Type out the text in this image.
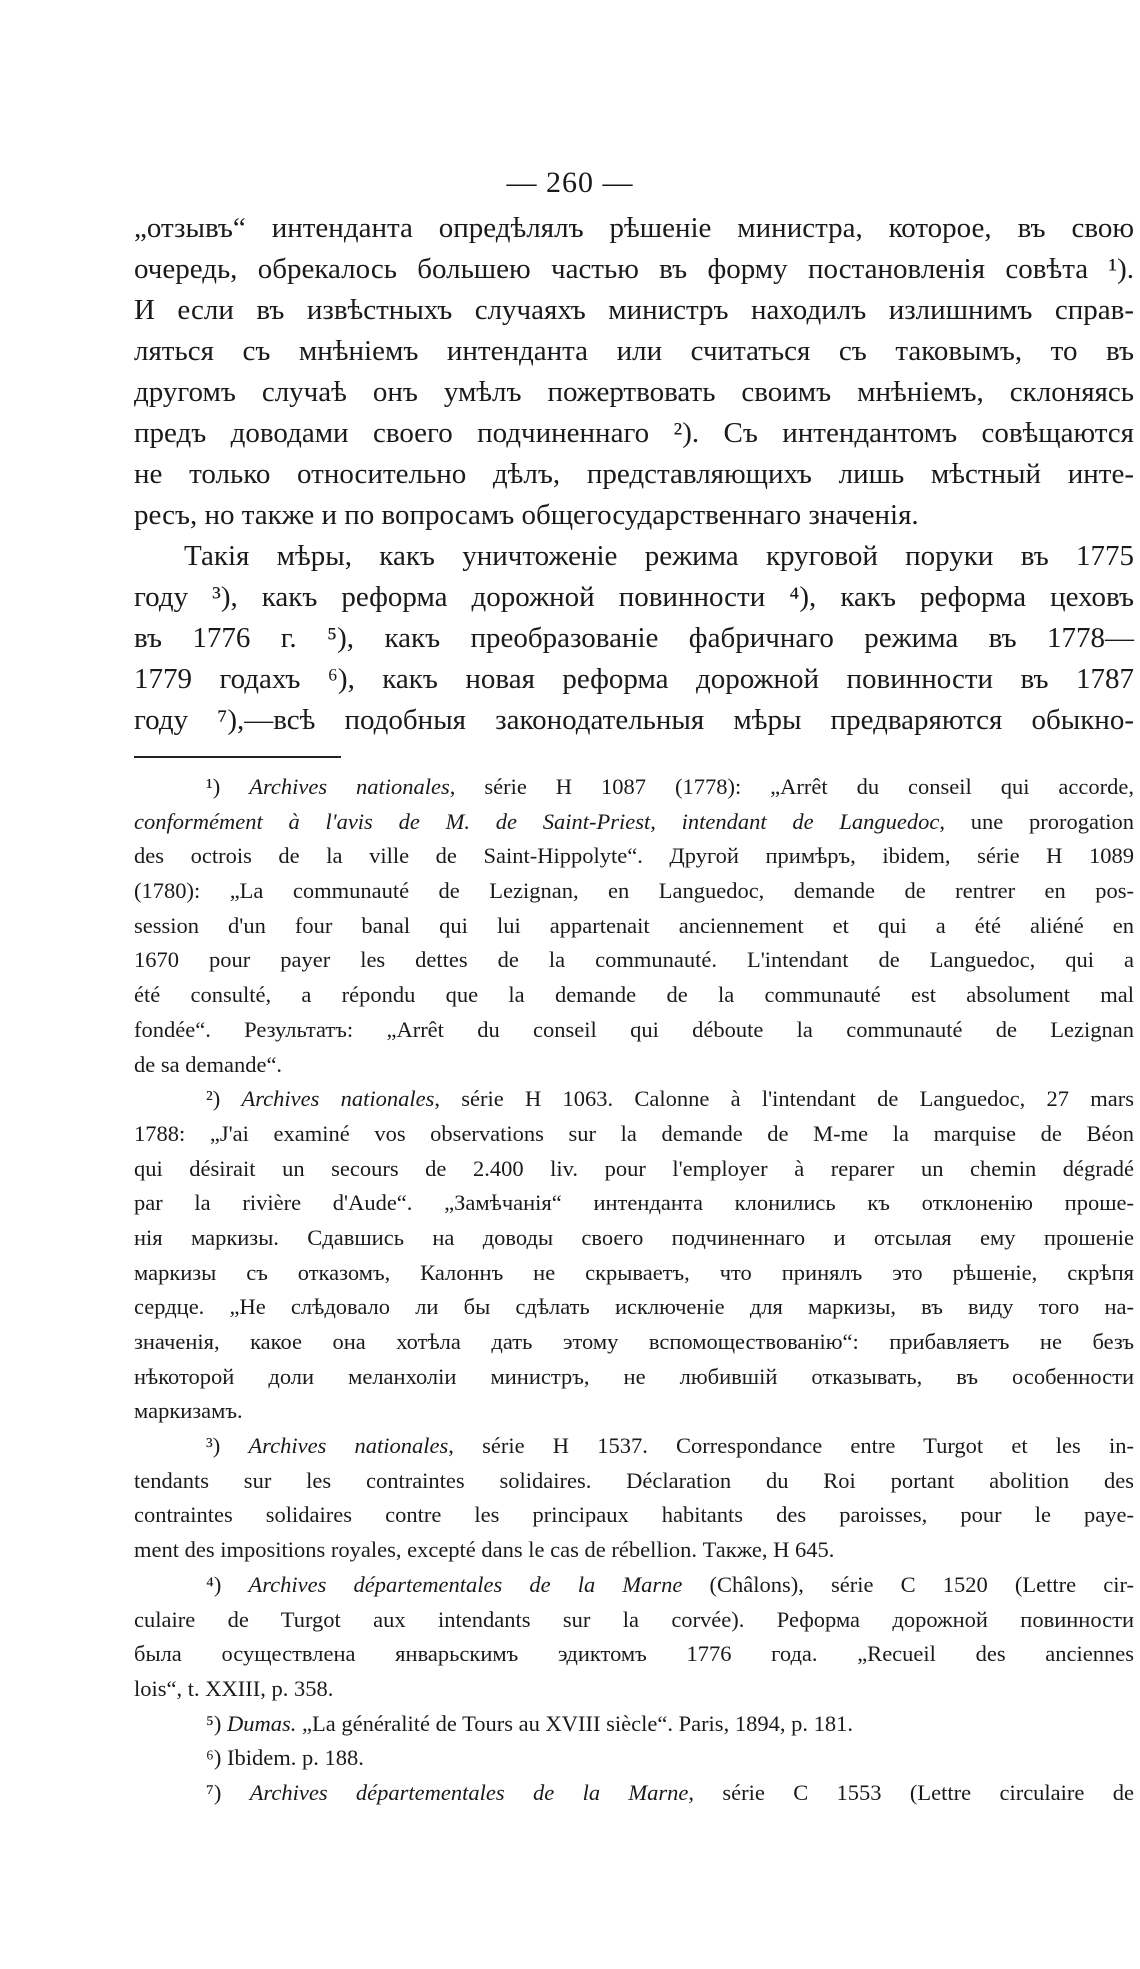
— 260 —
„отзывъ“ интенданта опредѣлялъ рѣшеніе министра, которое, въ свою
очередь, обрекалось большею частью въ форму постановленія совѣта ¹).
И если въ извѣстныхъ случаяхъ министръ находилъ излишнимъ справ-
ляться съ мнѣніемъ интенданта или считаться съ таковымъ, то въ
другомъ случаѣ онъ умѣлъ пожертвовать своимъ мнѣніемъ, склоняясь
предъ доводами своего подчиненнаго ²). Съ интендантомъ совѣщаются
не только относительно дѣлъ, представляющихъ лишь мѣстный инте-
ресъ, но также и по вопросамъ общегосударственнаго значенія.
Такія мѣры, какъ уничтоженіе режима круговой поруки въ 1775
году ³), какъ реформа дорожной повинности ⁴), какъ реформа цеховъ
въ 1776 г. ⁵), какъ преобразованіе фабричнаго режима въ 1778—
1779 годахъ ⁶), какъ новая реформа дорожной повинности въ 1787
году ⁷),—всѣ подобныя законодательныя мѣры предваряются обыкно-
¹) Archives nationales, série H 1087 (1778): „Arrêt du conseil qui accorde,
conformément à l'avis de M. de Saint-Priest, intendant de Languedoc, une prorogation
des octrois de la ville de Saint-Hippolyte“. Другой примѣръ, ibidem, série H 1089
(1780): „La communauté de Lezignan, en Languedoc, demande de rentrer en pos-
session d'un four banal qui lui appartenait anciennement et qui a été aliéné en
1670 pour payer les dettes de la communauté. L'intendant de Languedoc, qui a
été consulté, a répondu que la demande de la communauté est absolument mal
fondée“. Результатъ: „Arrêt du conseil qui déboute la communauté de Lezignan
de sa demande“.
²) Archives nationales, série H 1063. Calonne à l'intendant de Languedoc, 27 mars
1788: „J'ai examiné vos observations sur la demande de M-me la marquise de Béon
qui désirait un secours de 2.400 liv. pour l'employer à reparer un chemin dégradé
par la rivière d'Aude“. „Замѣчанія“ интенданта клонились къ отклоненію проше-
нія маркизы. Сдавшись на доводы своего подчиненнаго и отсылая ему прошеніе
маркизы съ отказомъ, Калоннъ не скрываетъ, что принялъ это рѣшеніе, скрѣпя
сердце. „Не слѣдовало ли бы сдѣлать исключеніе для маркизы, въ виду того на-
значенія, какое она хотѣла дать этому вспомоществованію“: прибавляетъ не безъ
нѣкоторой доли меланхоліи министръ, не любившій отказывать, въ особенности
маркизамъ.
³) Archives nationales, série H 1537. Correspondance entre Turgot et les in-
tendants sur les contraintes solidaires. Déclaration du Roi portant abolition des
contraintes solidaires contre les principaux habitants des paroisses, pour le paye-
ment des impositions royales, excepté dans le cas de rébellion. Также, H 645.
⁴) Archives départementales de la Marne (Châlons), série C 1520 (Lettre cir-
culaire de Turgot aux intendants sur la corvée). Реформа дорожной повинности
была осуществлена январьскимъ эдиктомъ 1776 года. „Recueil des anciennes
lois“, t. XXIII, p. 358.
⁵) Dumas. „La généralité de Tours au XVIII siècle“. Paris, 1894, p. 181.
⁶) Ibidem. p. 188.
⁷) Archives départementales de la Marne, série C 1553 (Lettre circulaire de
